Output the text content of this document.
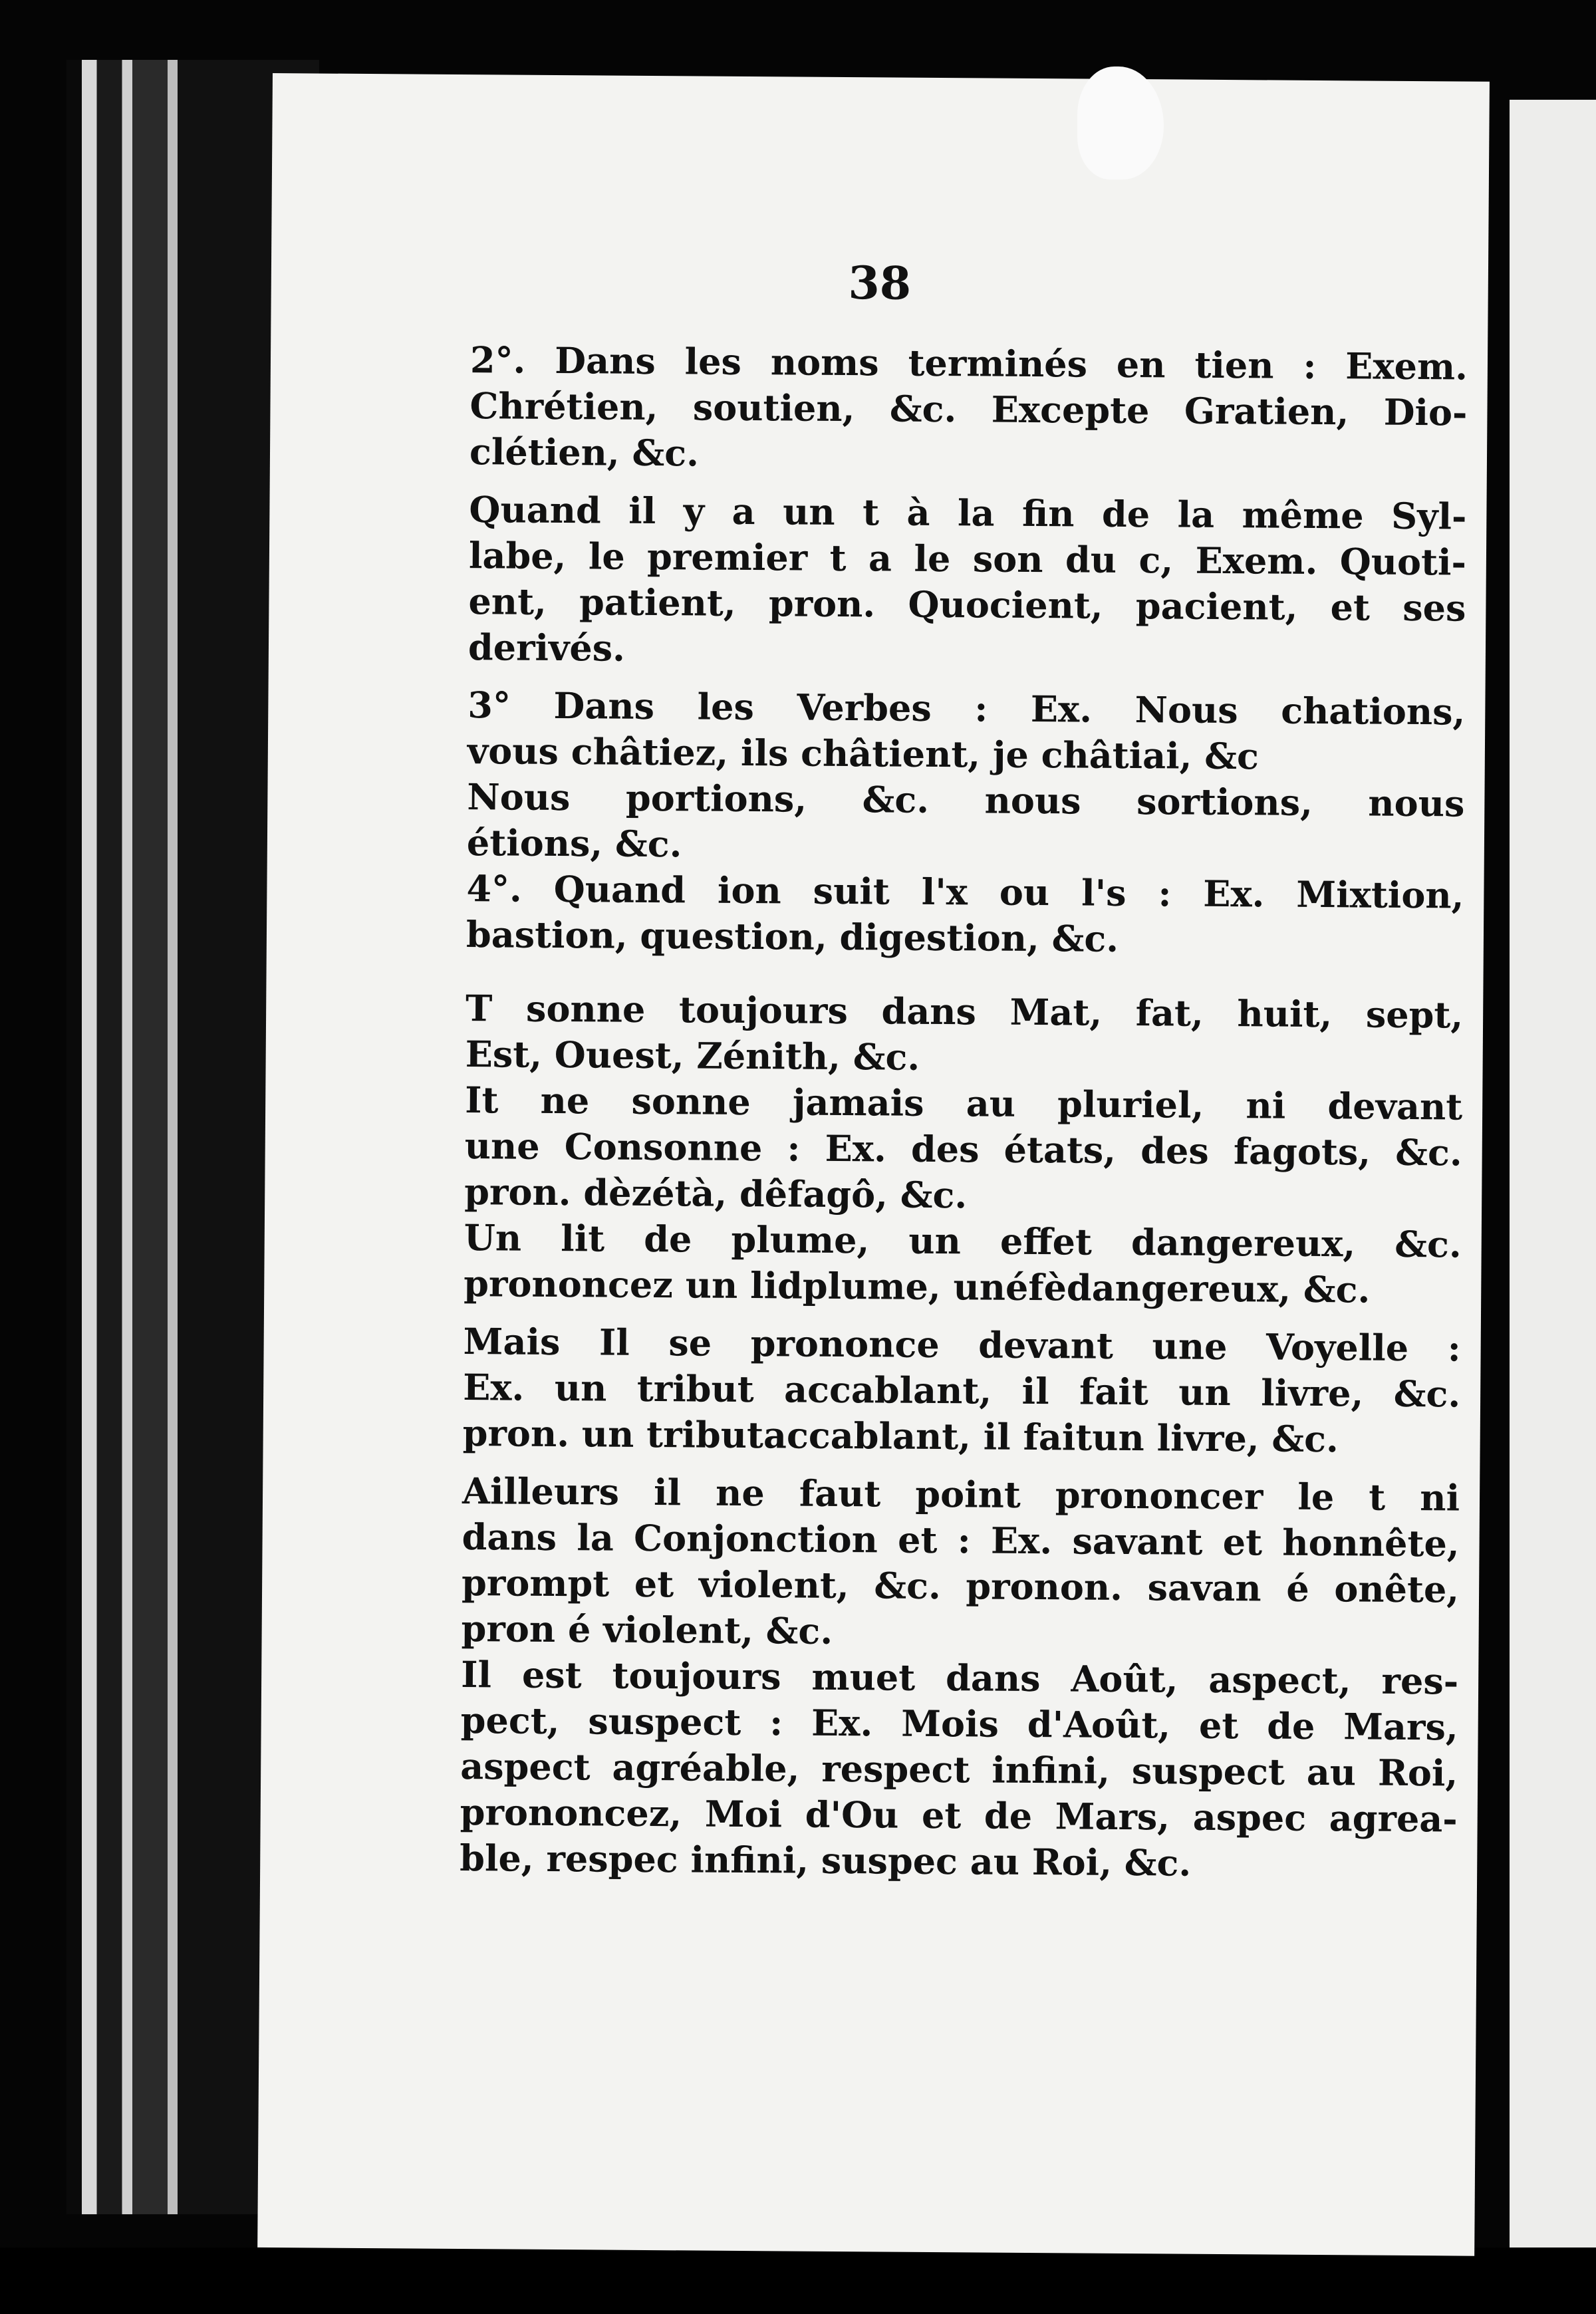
38

2°. Dans les noms terminés en tien : Exem.
Chrétien, soutien, &c. Excepte Gratien, Dio-
clétien, &c.

Quand il y a un t à la fin de la même Syl-
labe, le premier t a le son du c, Exem. Quoti-
ent, patient, pron. Quocient, pacient, et ses
derivés.

3° Dans les Verbes : Ex. Nous chations,
vous châtiez, ils châtient, je châtiai, &c

Nous portions, &c. nous sortions, nous
étions, &c.

4°. Quand ion suit l'x ou l's : Ex. Mixtion,
bastion, question, digestion, &c.

T sonne toujours dans Mat, fat, huit, sept,
Est, Ouest, Zénith, &c.

It ne sonne jamais au pluriel, ni devant
une Consonne : Ex. des états, des fagots, &c.
pron. dèzétà, dêfagô, &c.

Un lit de plume, un effet dangereux, &c.
prononcez un lidplume, unéfèdangereux, &c.

Mais Il se prononce devant une Voyelle :
Ex. un tribut accablant, il fait un livre, &c.
pron. un tributaccablant, il faitun livre, &c.

Ailleurs il ne faut point prononcer le t ni
dans la Conjonction et : Ex. savant et honnête,
prompt et violent, &c. pronon. savan é onête,
pron é violent, &c.

Il est toujours muet dans Août, aspect, res-
pect, suspect : Ex. Mois d'Août, et de Mars,
aspect agréable, respect infini, suspect au Roi,
prononcez, Moi d'Ou et de Mars, aspec agrea-
ble, respec infini, suspec au Roi, &c.
